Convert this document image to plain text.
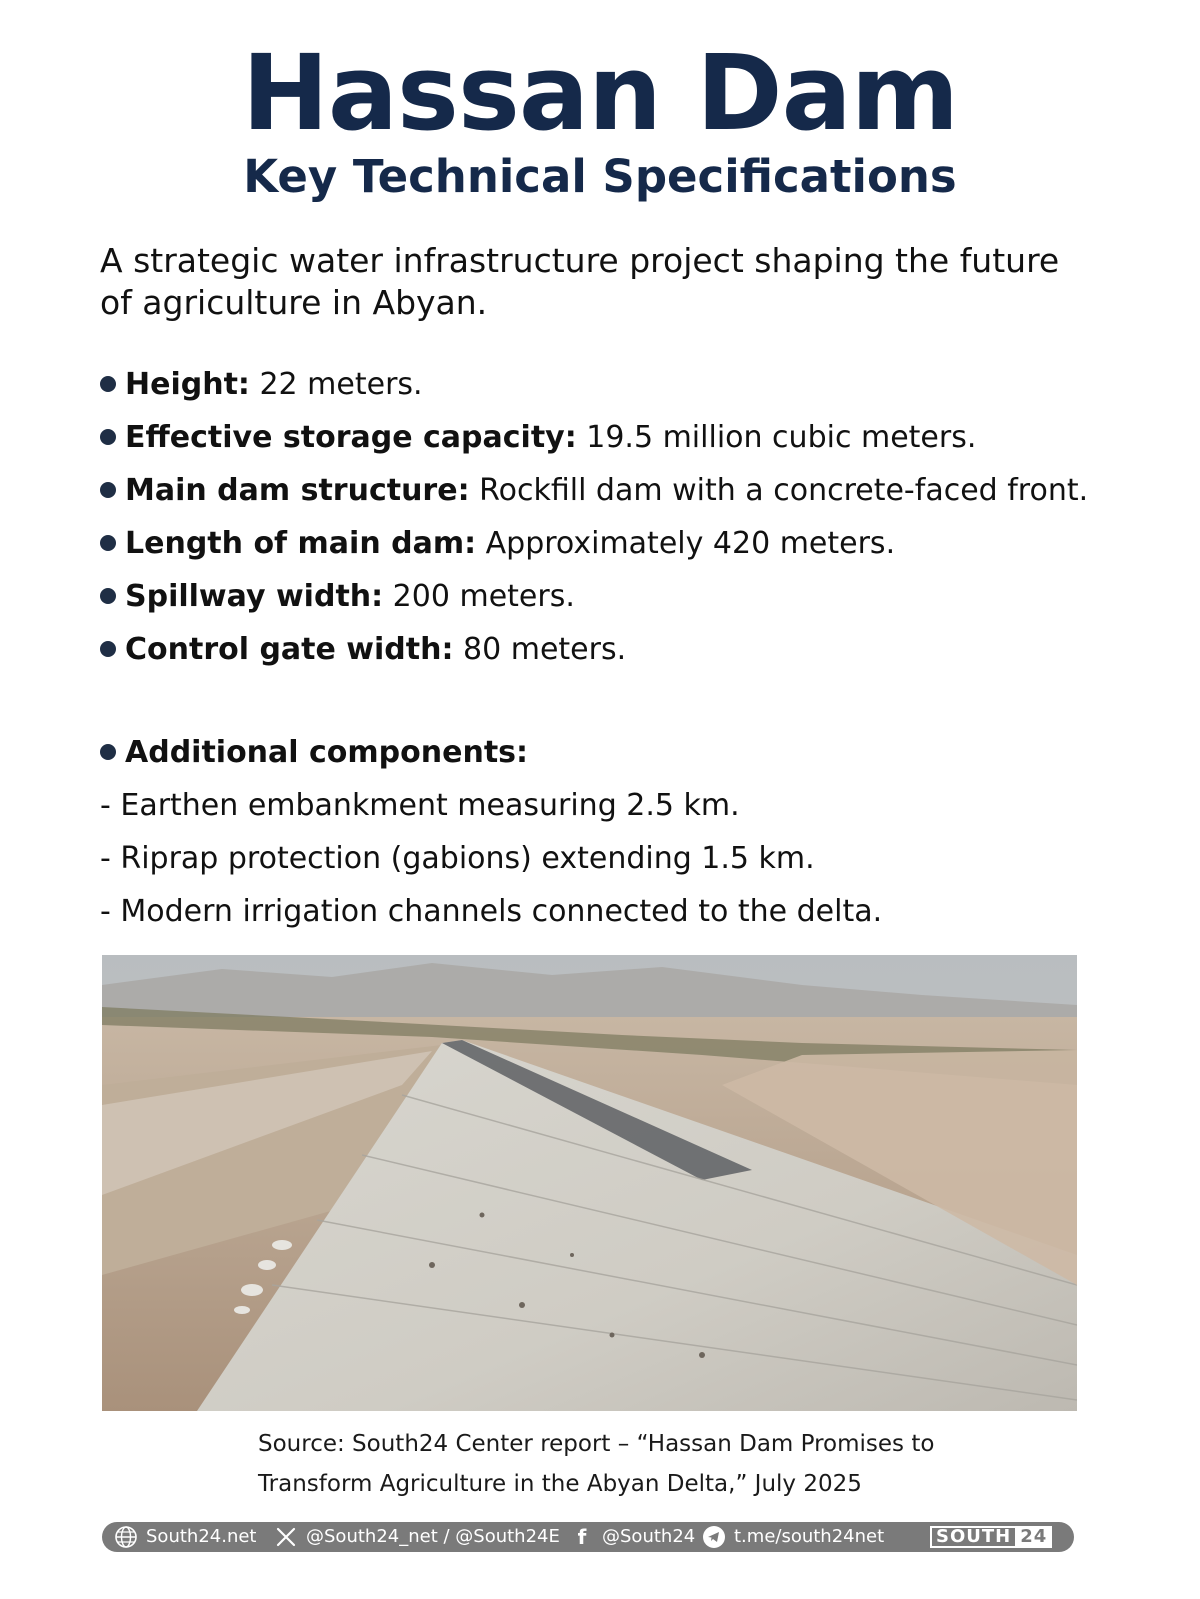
Hassan Dam
Key Technical Specifications
A strategic water infrastructure project shaping the future of agriculture in Abyan.
Height: 22 meters.
Effective storage capacity: 19.5 million cubic meters.
Main dam structure: Rockfill dam with a concrete-faced front.
Length of main dam: Approximately 420 meters.
Spillway width: 200 meters.
Control gate width: 80 meters.
Additional components:
- Earthen embankment measuring 2.5 km.
- Riprap protection (gabions) extending 1.5 km.
- Modern irrigation channels connected to the delta.
Source: South24 Center report – “Hassan Dam Promises to
Transform Agriculture in the Abyan Delta,” July 2025
South24.net	@South24_net / @South24E f @South24 t.me/south24net	SOUTH 24
